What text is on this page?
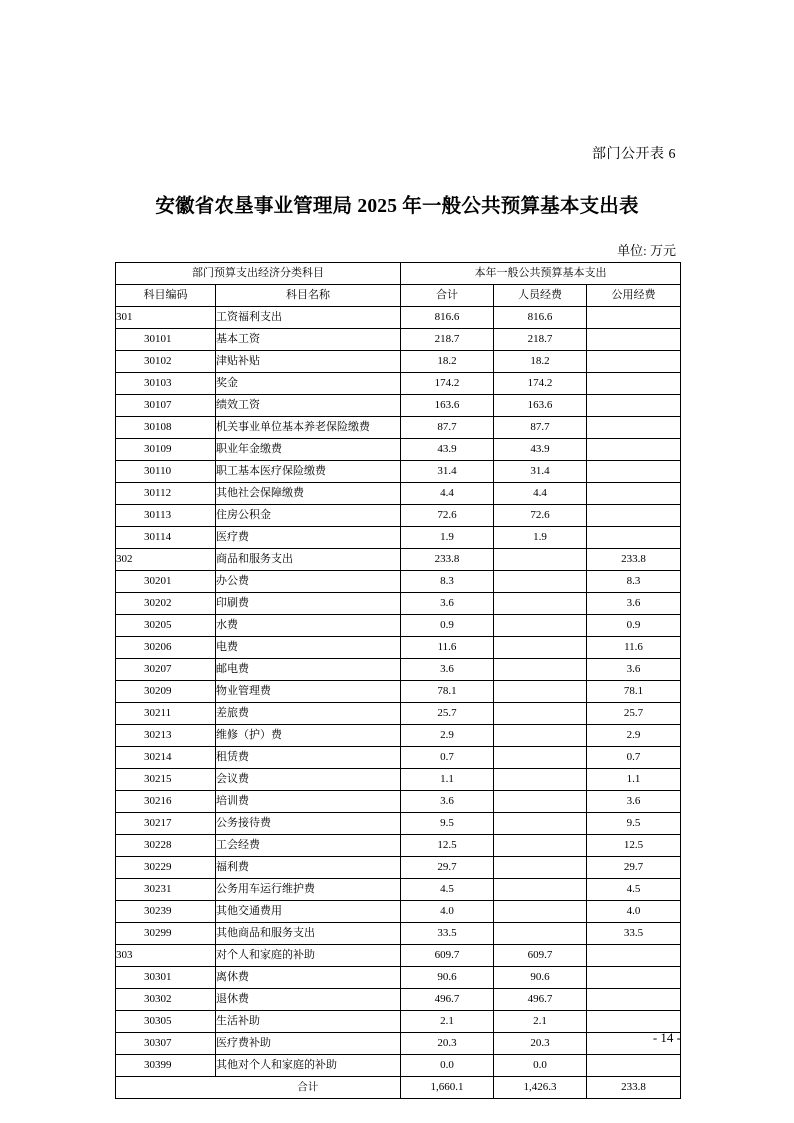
部门公开表 6
安徽省农垦事业管理局 2025 年一般公共预算基本支出表
单位: 万元
部门预算支出经济分类科目		本年一般公共预算基本支出		
科目编码	科目名称	合计	人员经费	公用经费
301	工资福利支出	816.6	816.6	
30101	基本工资	218.7	218.7	
30102	津贴补贴	18.2	18.2	
30103	奖金	174.2	174.2	
30107	绩效工资	163.6	163.6	
30108	机关事业单位基本养老保险缴费	87.7	87.7	
30109	职业年金缴费	43.9	43.9	
30110	职工基本医疗保险缴费	31.4	31.4	
30112	其他社会保障缴费	4.4	4.4	
30113	住房公积金	72.6	72.6	
30114	医疗费	1.9	1.9	
302	商品和服务支出	233.8		233.8
30201	办公费	8.3		8.3
30202	印刷费	3.6		3.6
30205	水费	0.9		0.9
30206	电费	11.6		11.6
30207	邮电费	3.6		3.6
30209	物业管理费	78.1		78.1
30211	差旅费	25.7		25.7
30213	维修（护）费	2.9		2.9
30214	租赁费	0.7		0.7
30215	会议费	1.1		1.1
30216	培训费	3.6		3.6
30217	公务接待费	9.5		9.5
30228	工会经费	12.5		12.5
30229	福利费	29.7		29.7
30231	公务用车运行维护费	4.5		4.5
30239	其他交通费用	4.0		4.0
30299	其他商品和服务支出	33.5		33.5
303	对个人和家庭的补助	609.7	609.7	
30301	离休费	90.6	90.6	
30302	退休费	496.7	496.7	
30305	生活补助	2.1	2.1	
30307	医疗费补助	20.3	20.3	
30399	其他对个人和家庭的补助	0.0	0.0	
	合计	1,660.1	1,426.3	233.8
- 14 -
